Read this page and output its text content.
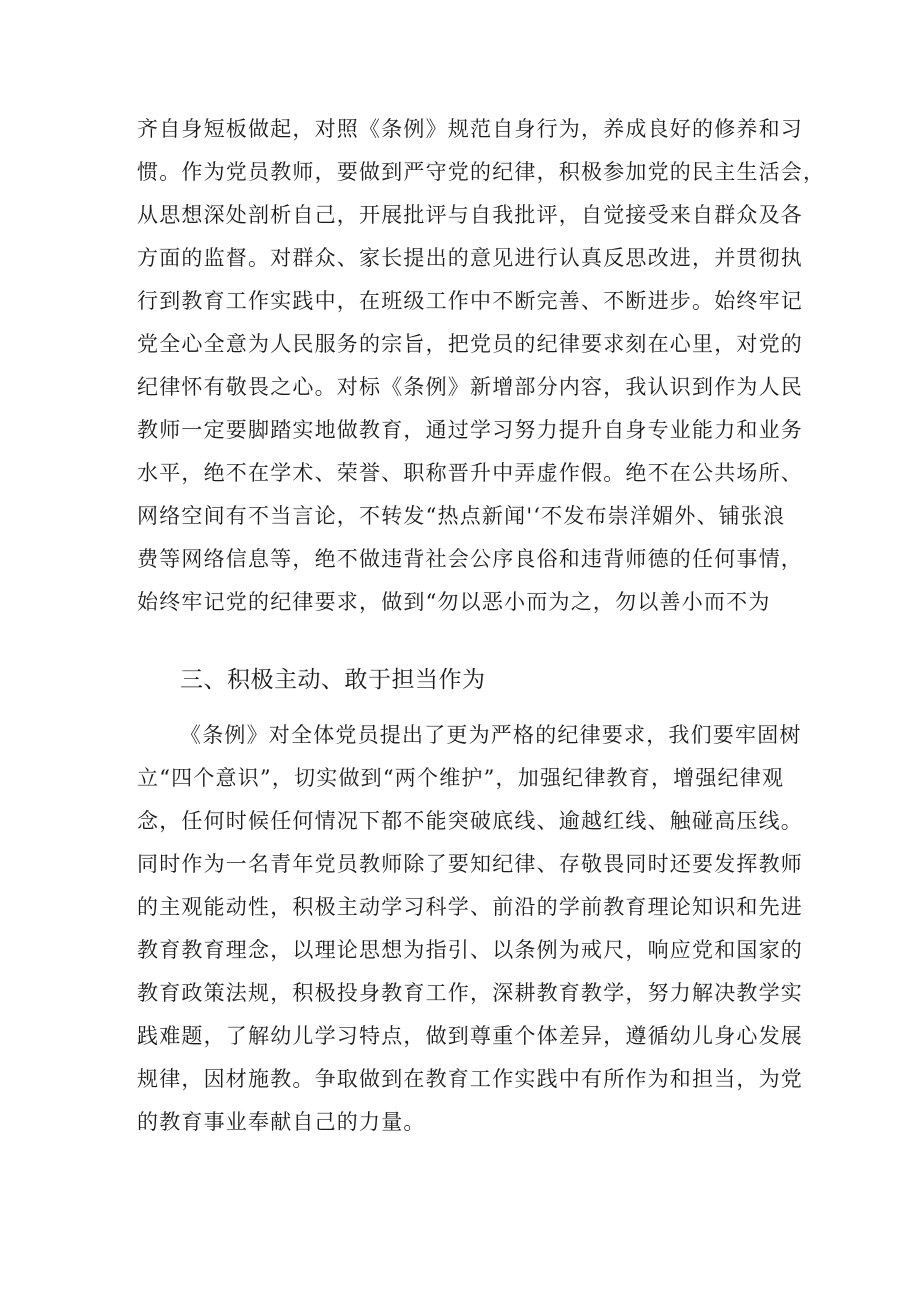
齐自身短板做起，对照《条例》规范自身行为，养成良好的修养和习
惯。作为党员教师，要做到严守党的纪律，积极参加党的民主生活会，
从思想深处剖析自己，开展批评与自我批评，自觉接受来自群众及各
方面的监督。对群众、家长提出的意见进行认真反思改进，并贯彻执
行到教育工作实践中，在班级工作中不断完善、不断进步。始终牢记
党全心全意为人民服务的宗旨，把党员的纪律要求刻在心里，对党的
纪律怀有敬畏之心。对标《条例》新增部分内容，我认识到作为人民
教师一定要脚踏实地做教育，通过学习努力提升自身专业能力和业务
水平，绝不在学术、荣誉、职称晋升中弄虚作假。绝不在公共场所、
网络空间有不当言论，不转发“热点新闻'‘不发布崇洋媚外、铺张浪
费等网络信息等，绝不做违背社会公序良俗和违背师德的任何事情，
始终牢记党的纪律要求，做到“勿以恶小而为之，勿以善小而不为
三、积极主动、敢于担当作为
《条例》对全体党员提出了更为严格的纪律要求，我们要牢固树
立“四个意识”，切实做到“两个维护”，加强纪律教育，增强纪律观
念，任何时候任何情况下都不能突破底线、逾越红线、触碰高压线。
同时作为一名青年党员教师除了要知纪律、存敬畏同时还要发挥教师
的主观能动性，积极主动学习科学、前沿的学前教育理论知识和先进
教育教育理念，以理论思想为指引、以条例为戒尺，响应党和国家的
教育政策法规，积极投身教育工作，深耕教育教学，努力解决教学实
践难题，了解幼儿学习特点，做到尊重个体差异，遵循幼儿身心发展
规律，因材施教。争取做到在教育工作实践中有所作为和担当，为党
的教育事业奉献自己的力量。
